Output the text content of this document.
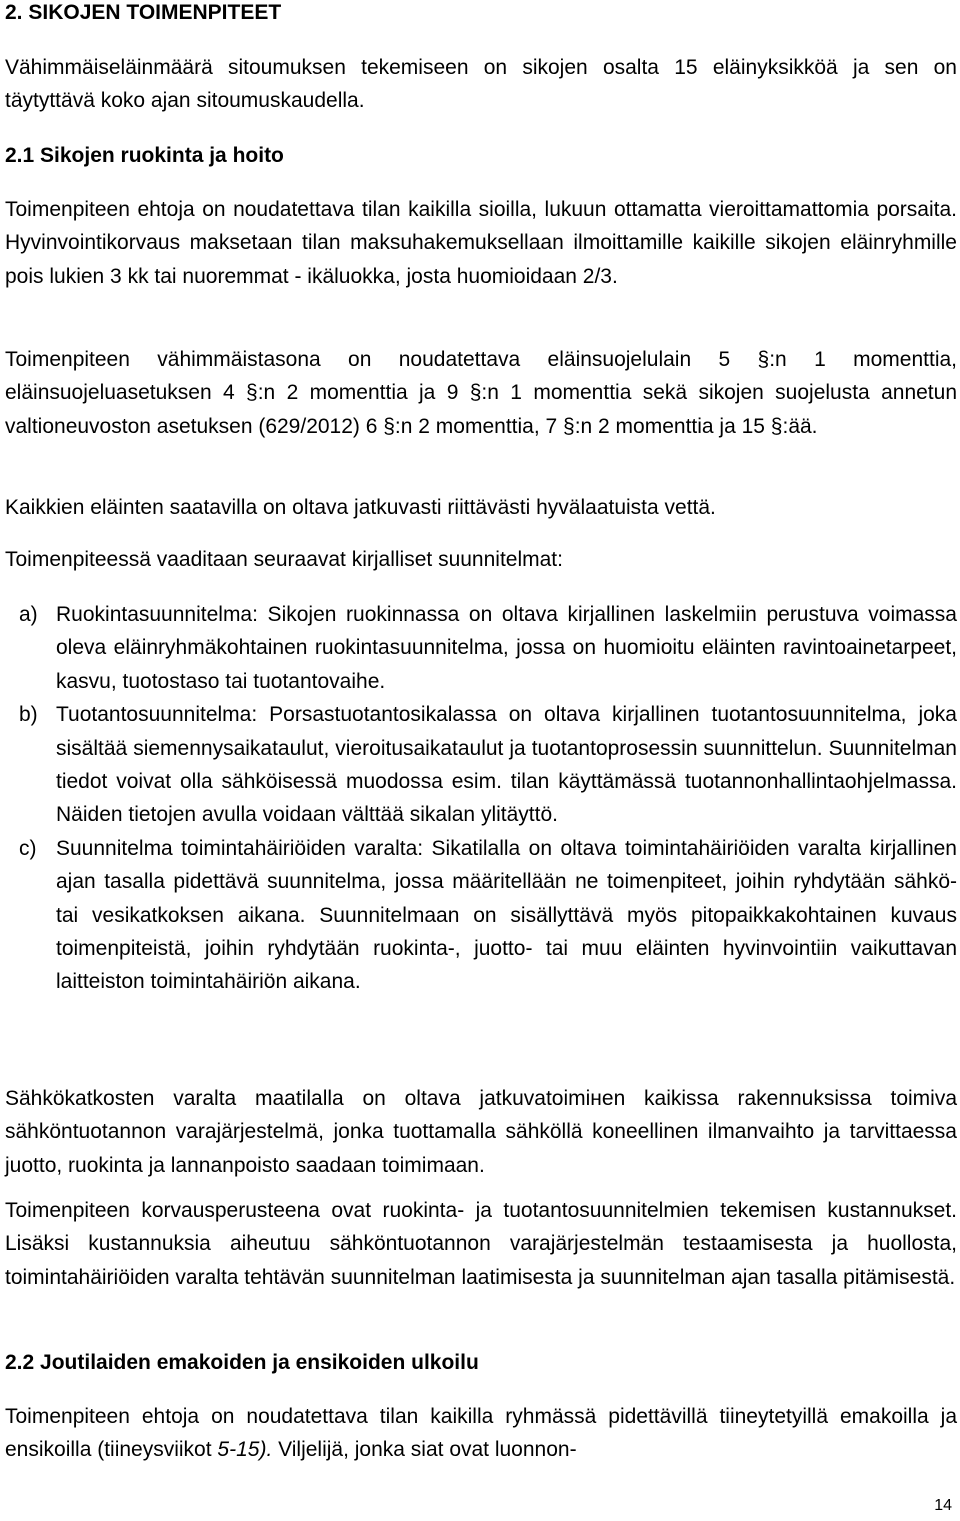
2. SIKOJEN TOIMENPITEET

Vähimmäiseläinmäärä sitoumuksen tekemiseen on sikojen osalta 15 eläinyksikköä ja sen on täytyttävä koko ajan sitoumuskaudella.

2.1 Sikojen ruokinta ja hoito

Toimenpiteen ehtoja on noudatettava tilan kaikilla sioilla, lukuun ottamatta vieroittamattomia porsaita. Hyvinvointikorvaus maksetaan tilan maksuhakemuksellaan ilmoittamille kaikille sikojen eläinryhmille pois lukien 3 kk tai nuoremmat - ikäluokka, josta huomioidaan 2/3.

Toimenpiteen vähimmäistasona on noudatettava eläinsuojelulain 5 §:n 1 momenttia, eläinsuojeluasetuksen 4 §:n 2 momenttia ja 9 §:n 1 momenttia sekä sikojen suojelusta annetun valtioneuvoston asetuksen (629/2012) 6 §:n 2 momenttia, 7 §:n 2 momenttia ja 15 §:ää.

Kaikkien eläinten saatavilla on oltava jatkuvasti riittävästi hyvälaatuista vettä.

Toimenpiteessä vaaditaan seuraavat kirjalliset suunnitelmat:

a) Ruokintasuunnitelma: Sikojen ruokinnassa on oltava kirjallinen laskelmiin perustuva voimassa oleva eläinryhmäkohtainen ruokintasuunnitelma, jossa on huomioitu eläinten ravintoainetarpeet, kasvu, tuotostaso tai tuotantovaihe.
b) Tuotantosuunnitelma: Porsastuotantosikalassa on oltava kirjallinen tuotantosuunnitelma, joka sisältää siemennysaikataulut, vieroitusaikataulut ja tuotantoprosessin suunnittelun. Suunnitelman tiedot voivat olla sähköisessä muodossa esim. tilan käyttämässä tuotannonhallintaohjelmassa. Näiden tietojen avulla voidaan välttää sikalan ylitäyttö.
c) Suunnitelma toimintahäiriöiden varalta: Sikatilalla on oltava toimintahäiriöiden varalta kirjallinen ajan tasalla pidettävä suunnitelma, jossa määritellään ne toimenpiteet, joihin ryhdytään sähkö- tai vesikatkoksen aikana. Suunnitelmaan on sisällyttävä myös pitopaikkakohtainen kuvaus toimenpiteistä, joihin ryhdytään ruokinta-, juotto- tai muu eläinten hyvinvointiin vaikuttavan laitteiston toimintahäiriön aikana.

Sähkökatkosten varalta maatilalla on oltava jatkuvatoimінen kaikissa rakennuksissa toimiva sähköntuotannon varajärjestelmä, jonka tuottamalla sähköllä koneellinen ilmanvaihto ja tarvittaessa juotto, ruokinta ja lannanpoisto saadaan toimimaan.

Toimenpiteen korvausperusteena ovat ruokinta- ja tuotantosuunnitelmien tekemisen kustannukset. Lisäksi kustannuksia aiheutuu sähköntuotannon varajärjestelmän testaamisesta ja huollosta, toimintahäiriöiden varalta tehtävän suunnitelman laatimisesta ja suunnitelman ajan tasalla pitämisestä.

2.2 Joutilaiden emakoiden ja ensikoiden ulkoilu

Toimenpiteen ehtoja on noudatettava tilan kaikilla ryhmässä pidettävillä tiineytetyillä emakoilla ja ensikoilla (tiineysviikot 5-15). Viljelijä, jonka siat ovat luonnon-

14
